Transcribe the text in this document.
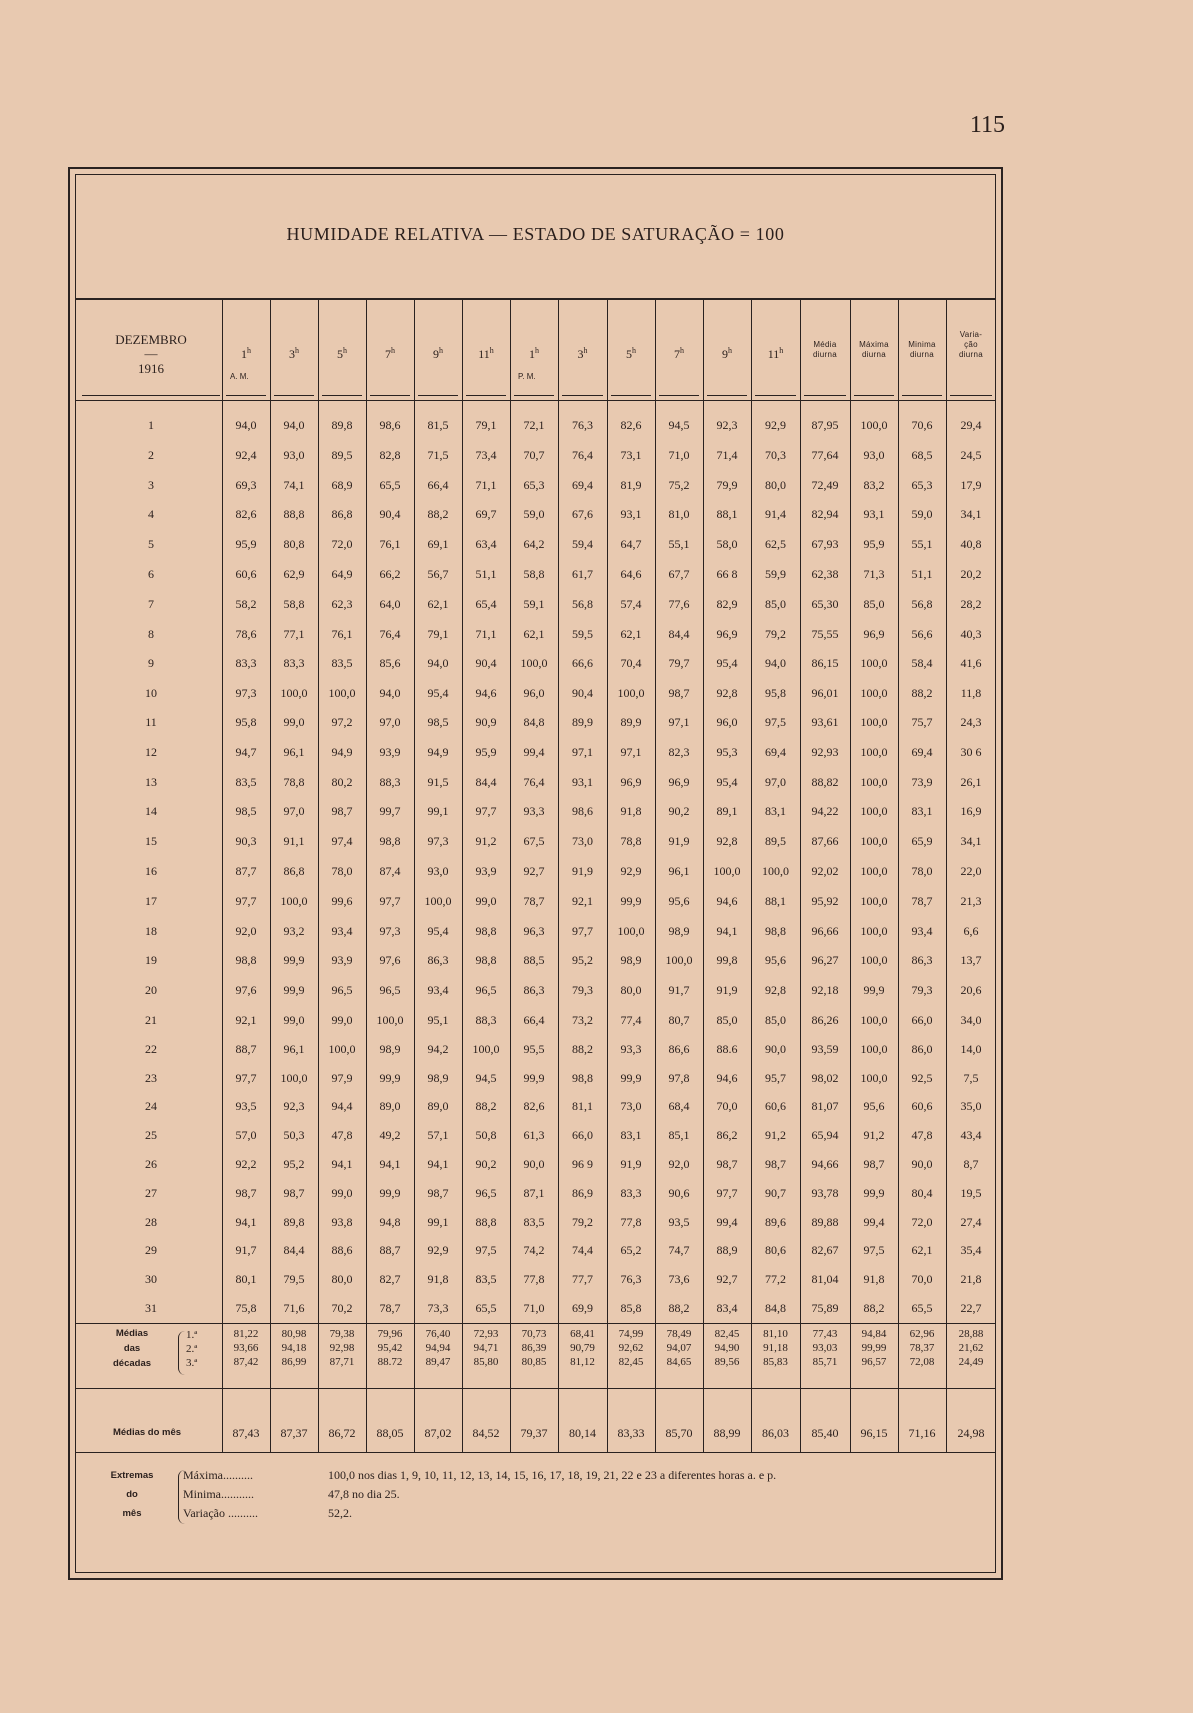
115
HUMIDADE RELATIVA — ESTADO DE SATURAÇÃO = 100
DEZEMBRO
—
1916
1$^h$	3$^h$	5$^h$	7$^h$	9$^h$	11$^h$	1$^h$	3$^h$	5$^h$	7$^h$	9$^h$	11$^h$
A. M.	P. M.
Média
diurna
Máxima
diurna
Minima
diurna
Varia-
ção
diurna
1	94,0	94,0	89,8	98,6	81,5	79,1	72,1	76,3	82,6	94,5	92,3	92,9	87,95	100,0	70,6	29,4
2	92,4	93,0	89,5	82,8	71,5	73,4	70,7	76,4	73,1	71,0	71,4	70,3	77,64	93,0	68,5	24,5
3	69,3	74,1	68,9	65,5	66,4	71,1	65,3	69,4	81,9	75,2	79,9	80,0	72,49	83,2	65,3	17,9
4	82,6	88,8	86,8	90,4	88,2	69,7	59,0	67,6	93,1	81,0	88,1	91,4	82,94	93,1	59,0	34,1
5	95,9	80,8	72,0	76,1	69,1	63,4	64,2	59,4	64,7	55,1	58,0	62,5	67,93	95,9	55,1	40,8
6	60,6	62,9	64,9	66,2	56,7	51,1	58,8	61,7	64,6	67,7	66 8	59,9	62,38	71,3	51,1	20,2
7	58,2	58,8	62,3	64,0	62,1	65,4	59,1	56,8	57,4	77,6	82,9	85,0	65,30	85,0	56,8	28,2
8	78,6	77,1	76,1	76,4	79,1	71,1	62,1	59,5	62,1	84,4	96,9	79,2	75,55	96,9	56,6	40,3
9	83,3	83,3	83,5	85,6	94,0	90,4	100,0	66,6	70,4	79,7	95,4	94,0	86,15	100,0	58,4	41,6
10	97,3	100,0	100,0	94,0	95,4	94,6	96,0	90,4	100,0	98,7	92,8	95,8	96,01	100,0	88,2	11,8
11	95,8	99,0	97,2	97,0	98,5	90,9	84,8	89,9	89,9	97,1	96,0	97,5	93,61	100,0	75,7	24,3
12	94,7	96,1	94,9	93,9	94,9	95,9	99,4	97,1	97,1	82,3	95,3	69,4	92,93	100,0	69,4	30 6
13	83,5	78,8	80,2	88,3	91,5	84,4	76,4	93,1	96,9	96,9	95,4	97,0	88,82	100,0	73,9	26,1
14	98,5	97,0	98,7	99,7	99,1	97,7	93,3	98,6	91,8	90,2	89,1	83,1	94,22	100,0	83,1	16,9
15	90,3	91,1	97,4	98,8	97,3	91,2	67,5	73,0	78,8	91,9	92,8	89,5	87,66	100,0	65,9	34,1
16	87,7	86,8	78,0	87,4	93,0	93,9	92,7	91,9	92,9	96,1	100,0	100,0	92,02	100,0	78,0	22,0
17	97,7	100,0	99,6	97,7	100,0	99,0	78,7	92,1	99,9	95,6	94,6	88,1	95,92	100,0	78,7	21,3
18	92,0	93,2	93,4	97,3	95,4	98,8	96,3	97,7	100,0	98,9	94,1	98,8	96,66	100,0	93,4	6,6
19	98,8	99,9	93,9	97,6	86,3	98,8	88,5	95,2	98,9	100,0	99,8	95,6	96,27	100,0	86,3	13,7
20	97,6	99,9	96,5	96,5	93,4	96,5	86,3	79,3	80,0	91,7	91,9	92,8	92,18	99,9	79,3	20,6
21	92,1	99,0	99,0	100,0	95,1	88,3	66,4	73,2	77,4	80,7	85,0	85,0	86,26	100,0	66,0	34,0
22	88,7	96,1	100,0	98,9	94,2	100,0	95,5	88,2	93,3	86,6	88.6	90,0	93,59	100,0	86,0	14,0
23	97,7	100,0	97,9	99,9	98,9	94,5	99,9	98,8	99,9	97,8	94,6	95,7	98,02	100,0	92,5	7,5
24	93,5	92,3	94,4	89,0	89,0	88,2	82,6	81,1	73,0	68,4	70,0	60,6	81,07	95,6	60,6	35,0
25	57,0	50,3	47,8	49,2	57,1	50,8	61,3	66,0	83,1	85,1	86,2	91,2	65,94	91,2	47,8	43,4
26	92,2	95,2	94,1	94,1	94,1	90,2	90,0	96 9	91,9	92,0	98,7	98,7	94,66	98,7	90,0	8,7
27	98,7	98,7	99,0	99,9	98,7	96,5	87,1	86,9	83,3	90,6	97,7	90,7	93,78	99,9	80,4	19,5
28	94,1	89,8	93,8	94,8	99,1	88,8	83,5	79,2	77,8	93,5	99,4	89,6	89,88	99,4	72,0	27,4
29	91,7	84,4	88,6	88,7	92,9	97,5	74,2	74,4	65,2	74,7	88,9	80,6	82,67	97,5	62,1	35,4
30	80,1	79,5	80,0	82,7	91,8	83,5	77,8	77,7	76,3	73,6	92,7	77,2	81,04	91,8	70,0	21,8
31	75,8	71,6	70,2	78,7	73,3	65,5	71,0	69,9	85,8	88,2	83,4	84,8	75,89	88,2	65,5	22,7
Médias
das
décadas
1.ª
2.ª
3.ª
81,22	80,98	79,38	79,96	76,40	72,93	70,73	68,41	74,99	78,49	82,45	81,10	77,43	94,84	62,96	28,88
93,66	94,18	92,98	95,42	94,94	94,71	86,39	90,79	92,62	94,07	94,90	91,18	93,03	99,99	78,37	21,62
87,42	86,99	87,71	88.72	89,47	85,80	80,85	81,12	82,45	84,65	89,56	85,83	85,71	96,57	72,08	24,49
Médias do mês	87,43	87,37	86,72	88,05	87,02	84,52	79,37	80,14	83,33	85,70	88,99	86,03	85,40	96,15	71,16	24,98
Extremas
do
mês
Máxima..........	100,0 nos dias 1, 9, 10, 11, 12, 13, 14, 15, 16, 17, 18, 19, 21, 22 e 23 a diferentes horas a. e p.
Minima...........	47,8 no dia 25.
Variação ..........	52,2.
